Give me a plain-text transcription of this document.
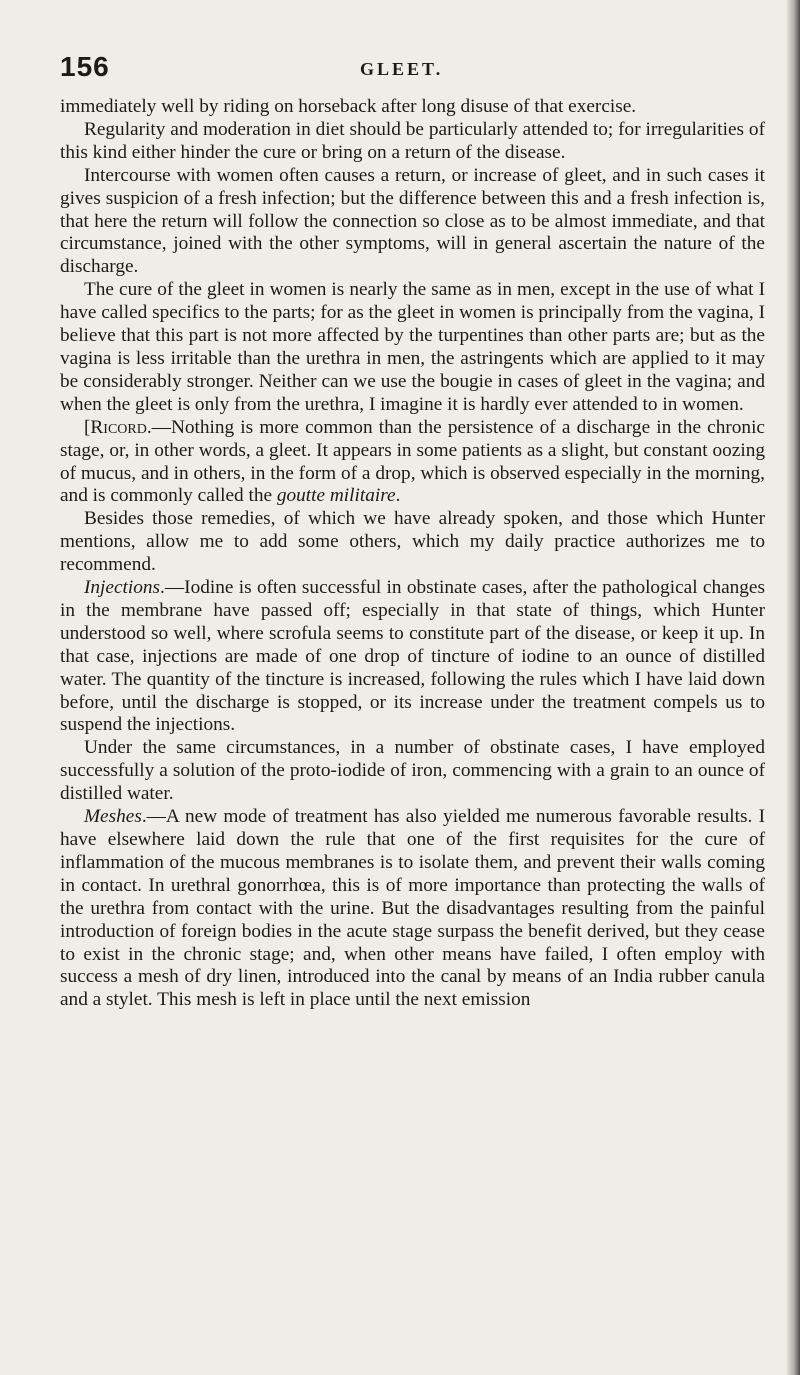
156	GLEET.

immediately well by riding on horseback after long disuse of that exercise.

Regularity and moderation in diet should be particularly attended to; for irregularities of this kind either hinder the cure or bring on a return of the disease.

Intercourse with women often causes a return, or increase of gleet, and in such cases it gives suspicion of a fresh infection; but the difference between this and a fresh infection is, that here the return will follow the connection so close as to be almost immediate, and that circumstance, joined with the other symptoms, will in general ascertain the nature of the discharge.

The cure of the gleet in women is nearly the same as in men, except in the use of what I have called specifics to the parts; for as the gleet in women is principally from the vagina, I believe that this part is not more affected by the turpentines than other parts are; but as the vagina is less irritable than the urethra in men, the astringents which are applied to it may be considerably stronger. Neither can we use the bougie in cases of gleet in the vagina; and when the gleet is only from the urethra, I imagine it is hardly ever attended to in women.

[Ricord.—Nothing is more common than the persistence of a discharge in the chronic stage, or, in other words, a gleet. It appears in some patients as a slight, but constant oozing of mucus, and in others, in the form of a drop, which is observed especially in the morning, and is commonly called the goutte militaire.

Besides those remedies, of which we have already spoken, and those which Hunter mentions, allow me to add some others, which my daily practice authorizes me to recommend.

Injections.—Iodine is often successful in obstinate cases, after the pathological changes in the membrane have passed off; especially in that state of things, which Hunter understood so well, where scrofula seems to constitute part of the disease, or keep it up. In that case, injections are made of one drop of tincture of iodine to an ounce of distilled water. The quantity of the tincture is increased, following the rules which I have laid down before, until the discharge is stopped, or its increase under the treatment compels us to suspend the injections.

Under the same circumstances, in a number of obstinate cases, I have employed successfully a solution of the proto-iodide of iron, commencing with a grain to an ounce of distilled water.

Meshes.—A new mode of treatment has also yielded me numerous favorable results. I have elsewhere laid down the rule that one of the first requisites for the cure of inflammation of the mucous membranes is to isolate them, and prevent their walls coming in contact. In urethral gonorrhœa, this is of more importance than protecting the walls of the urethra from contact with the urine. But the disadvantages resulting from the painful introduction of foreign bodies in the acute stage surpass the benefit derived, but they cease to exist in the chronic stage; and, when other means have failed, I often employ with success a mesh of dry linen, introduced into the canal by means of an India rubber canula and a stylet. This mesh is left in place until the next emission
